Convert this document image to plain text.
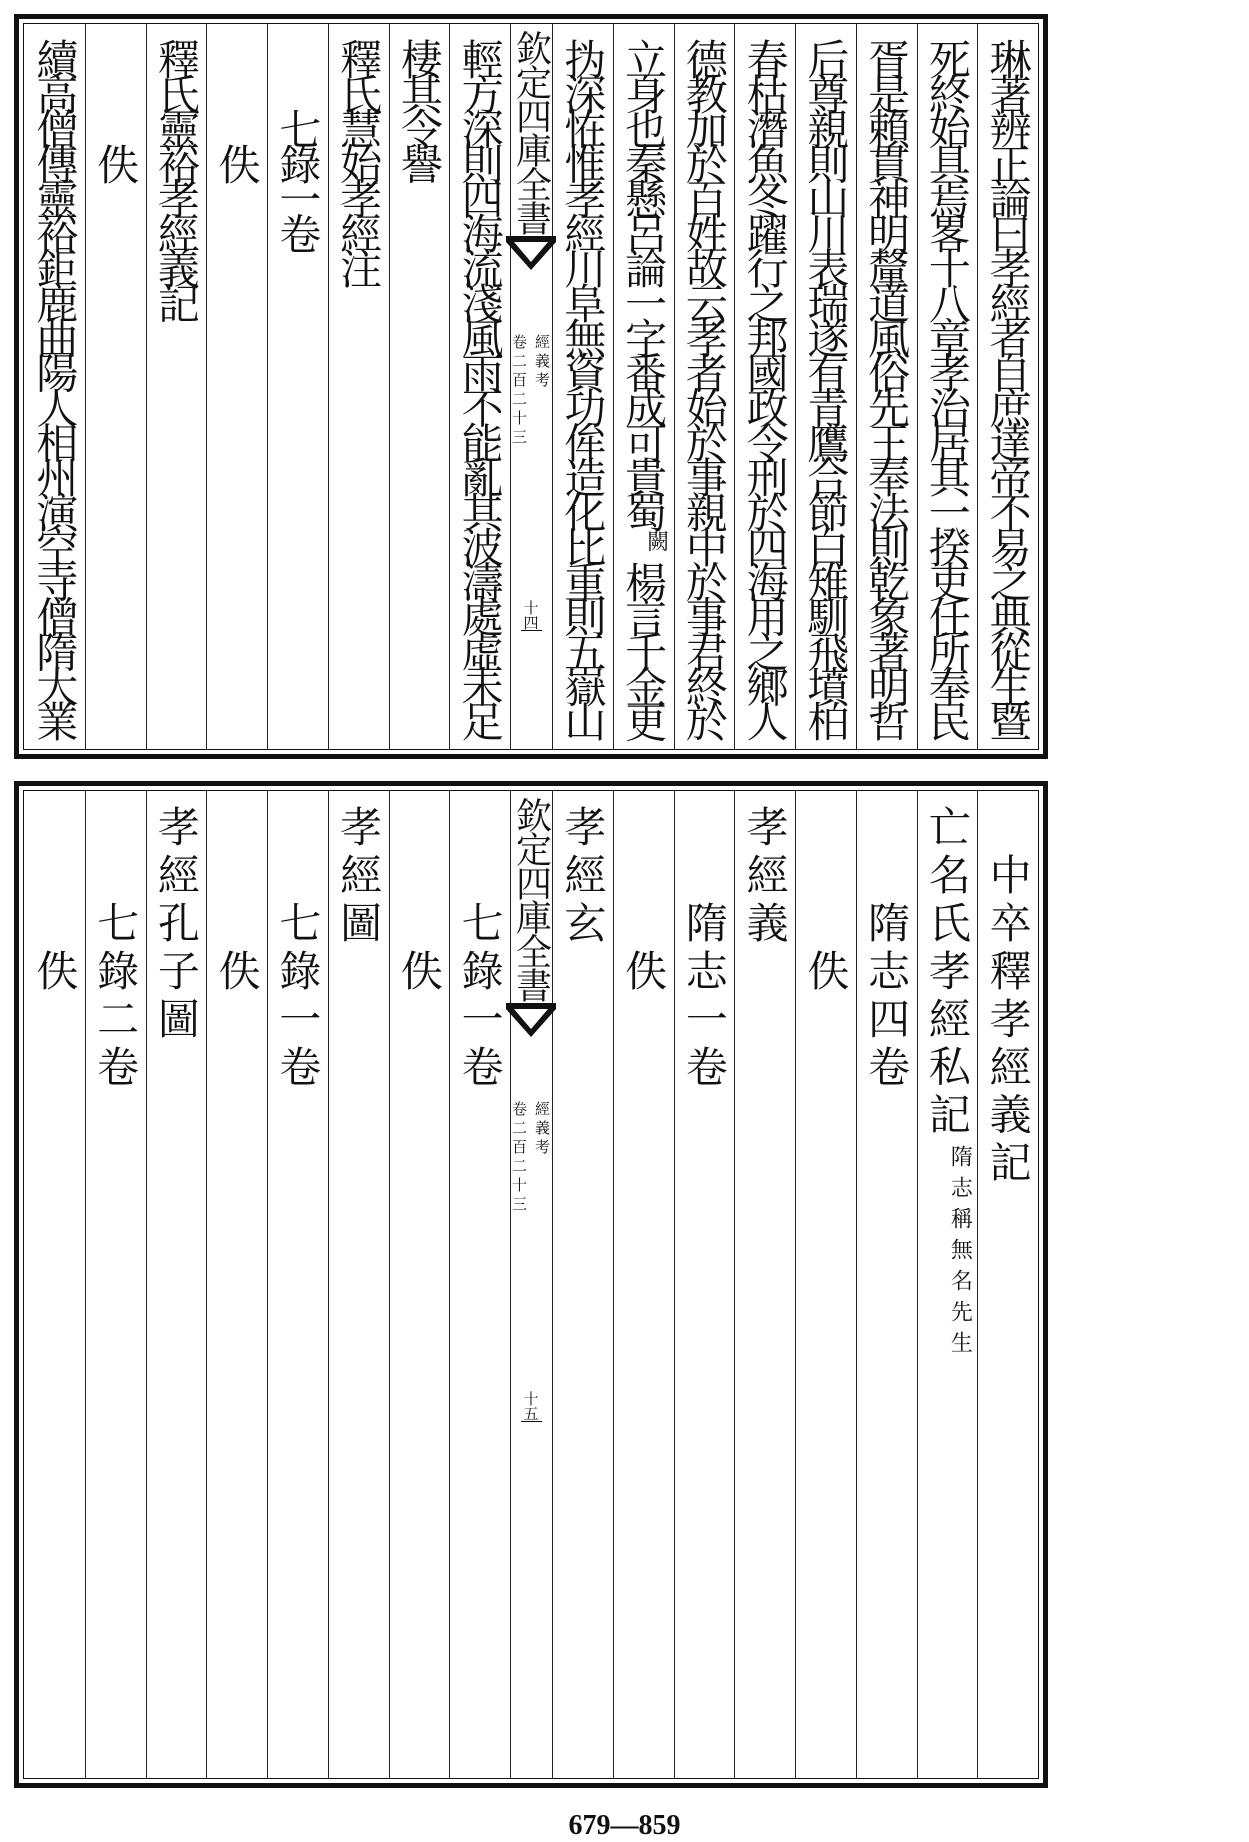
琳著辨正論曰孝經者自庶達帝不易之典從生暨
死終始具焉畧十八章孝治居其一揆吏任所奉民
胥是賴貫神明釐道風俗先王奉法則乾象著明哲
后尊親則山川表瑞遂有青鷹合節白雉馴飛墳柏
春枯潛魚冬躍行之邦國政令刑於四海用之鄉人
德教加於百姓故云孝者始於事親中於事君終於
立身也秦懸呂論一字番成可貴蜀
闕
楊言千金更
㧑深恠惟孝經川阜無資功侔造化比重則五嶽山
輕方深則四海流淺風雨不能亂其波濤處虛未足
棲其令譽
釋氏慧始孝經注
七錄一卷
佚
釋氏靈裕孝經義記
佚
續高僧傳靈裕鉅鹿曲陽人相州演空寺僧隋大業	欽定四庫全書
經義考
卷二百二十三
十四
中卒釋孝經義記
亡名氏孝經私記
隋志稱無名先生
隋志四卷
佚
孝經義
隋志一卷
佚
孝經玄
七錄一卷
佚
孝經圖
七錄一卷
佚
孝經孔子圖
七錄二卷
佚	欽定四庫全書
經義考
卷二百二十三
十五
679—859
